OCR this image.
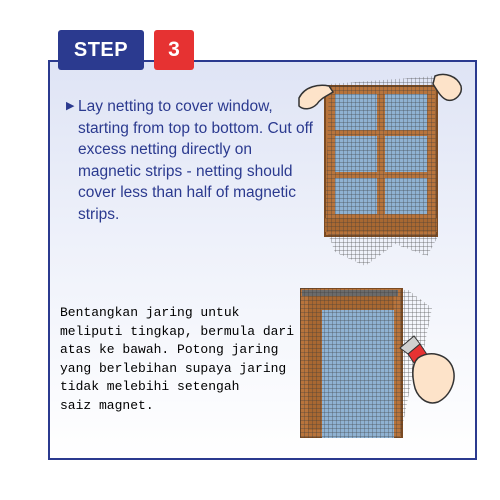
STEP	3
▶ Lay netting to cover window, starting from top to bottom. Cut off excess netting directly on magnetic strips - netting should cover less than half of magnetic strips.
Bentangkan jaring untuk
meliputi tingkap, bermula dari
atas ke bawah. Potong jaring
yang berlebihan supaya jaring
tidak melebihi setengah
saiz magnet.
